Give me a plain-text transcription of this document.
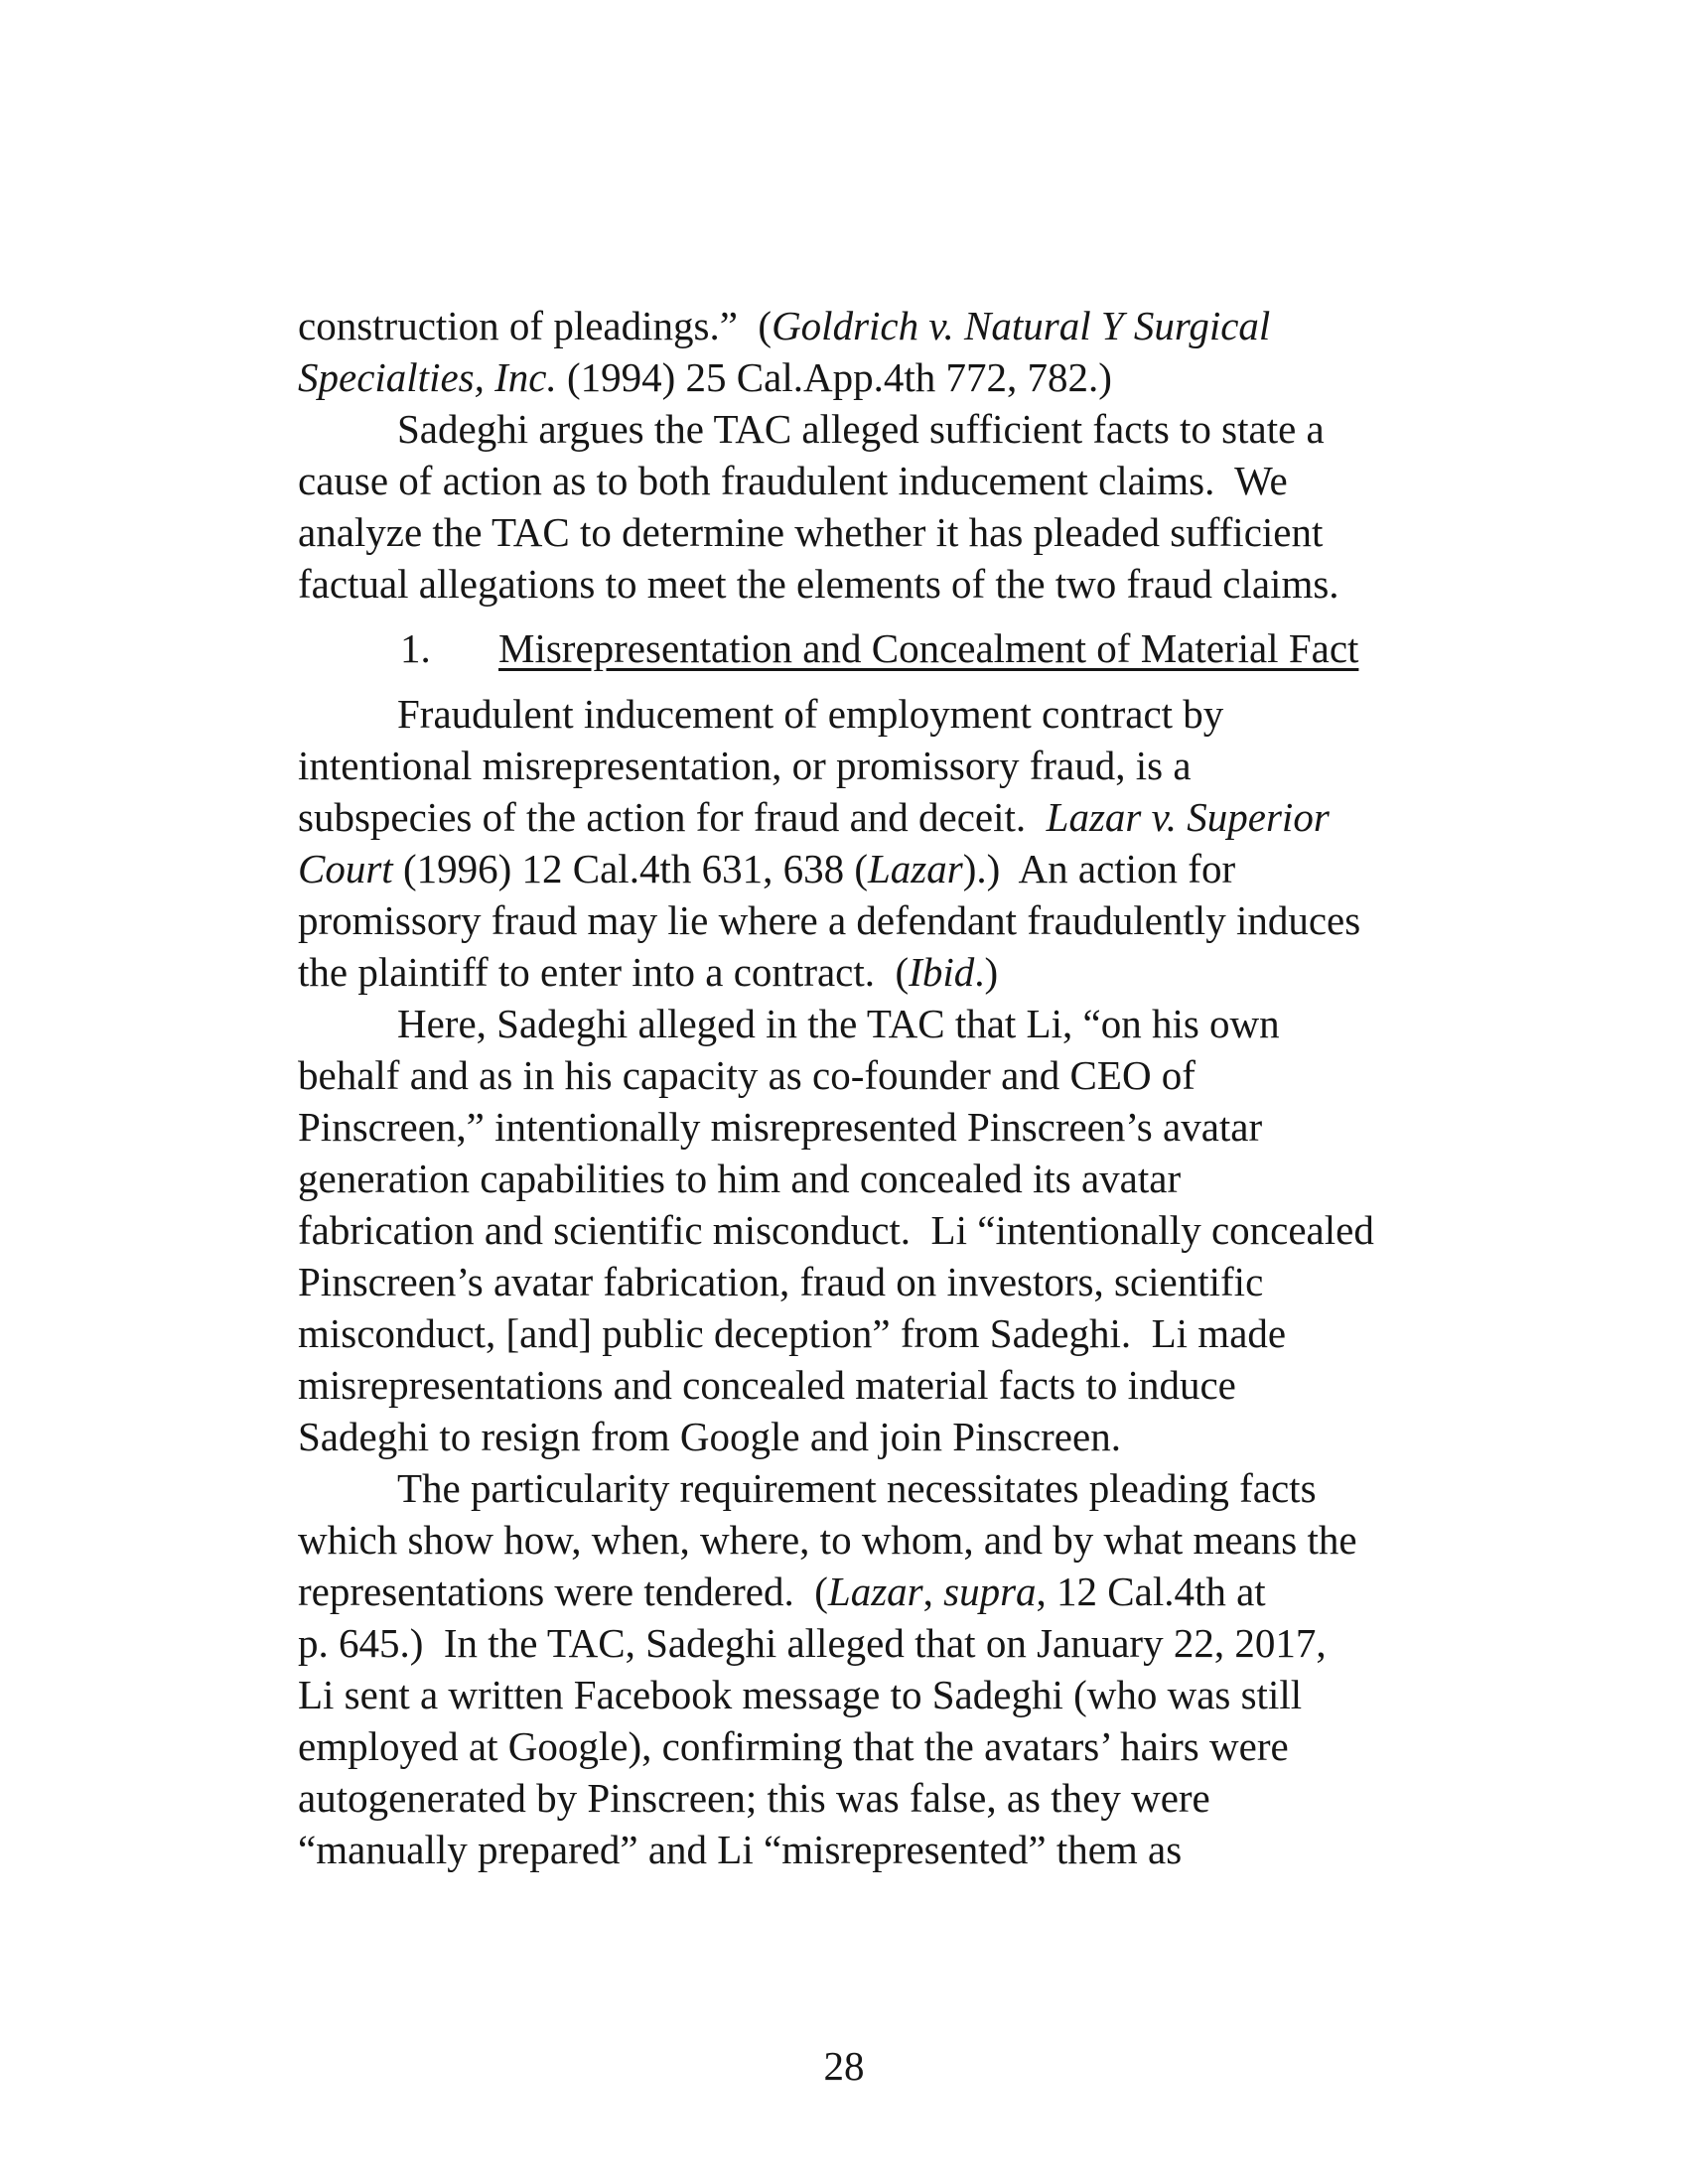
construction of pleadings.”  (Goldrich v. Natural Y Surgical
Specialties, Inc. (1994) 25 Cal.App.4th 772, 782.)
Sadeghi argues the TAC alleged sufficient facts to state a
cause of action as to both fraudulent inducement claims.  We
analyze the TAC to determine whether it has pleaded sufficient
factual allegations to meet the elements of the two fraud claims.
1. Misrepresentation and Concealment of Material Fact
Fraudulent inducement of employment contract by
intentional misrepresentation, or promissory fraud, is a
subspecies of the action for fraud and deceit.  Lazar v. Superior
Court (1996) 12 Cal.4th 631, 638 (Lazar).)  An action for
promissory fraud may lie where a defendant fraudulently induces
the plaintiff to enter into a contract.  (Ibid.)
Here, Sadeghi alleged in the TAC that Li, “on his own
behalf and as in his capacity as co-founder and CEO of
Pinscreen,” intentionally misrepresented Pinscreen’s avatar
generation capabilities to him and concealed its avatar
fabrication and scientific misconduct.  Li “intentionally concealed
Pinscreen’s avatar fabrication, fraud on investors, scientific
misconduct, [and] public deception” from Sadeghi.  Li made
misrepresentations and concealed material facts to induce
Sadeghi to resign from Google and join Pinscreen.
The particularity requirement necessitates pleading facts
which show how, when, where, to whom, and by what means the
representations were tendered.  (Lazar, supra, 12 Cal.4th at
p. 645.)  In the TAC, Sadeghi alleged that on January 22, 2017,
Li sent a written Facebook message to Sadeghi (who was still
employed at Google), confirming that the avatars’ hairs were
autogenerated by Pinscreen; this was false, as they were
“manually prepared” and Li “misrepresented” them as
28
